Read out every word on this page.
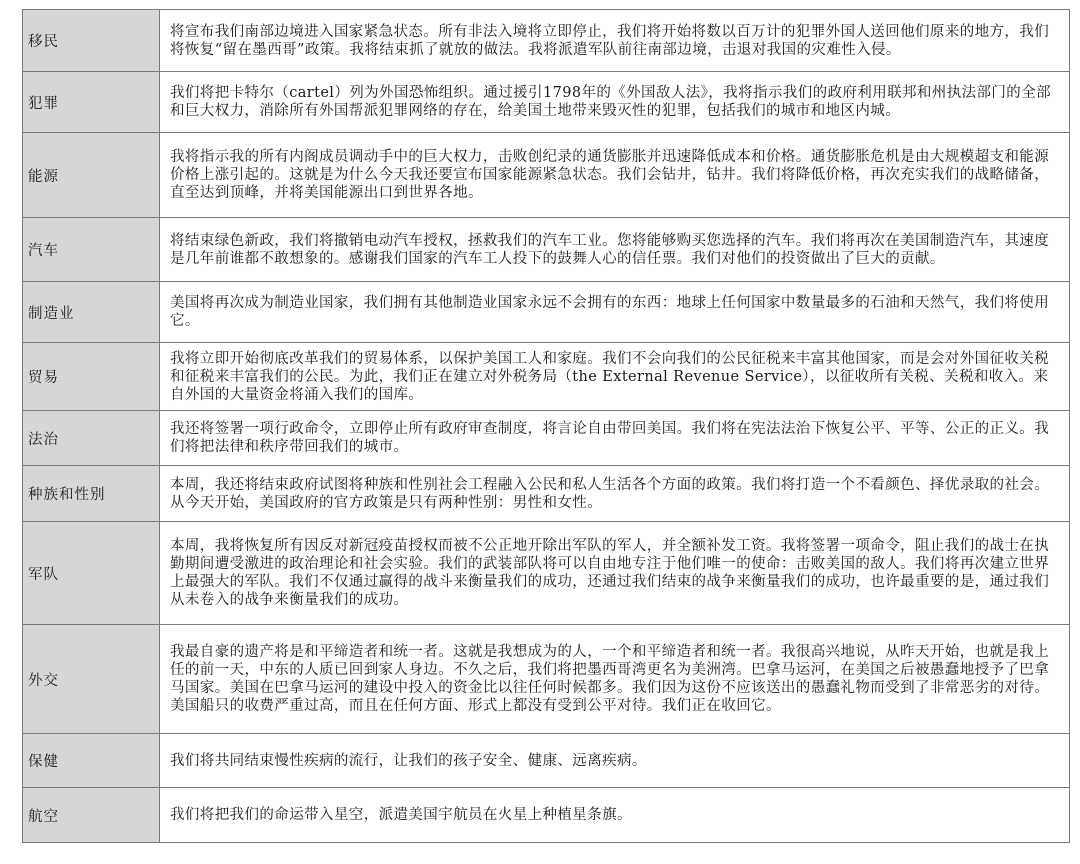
移民	将宣布我们南部边境进入国家紧急状态。所有非法入境将立即停止，我们将开始将数以百万计的犯罪外国人送回他们原来的地方，我们将恢复“留在墨西哥”政策。我将结束抓了就放的做法。我将派遣军队前往南部边境，击退对我国的灾难性入侵。
犯罪	我们将把卡特尔（cartel）列为外国恐怖组织。通过援引1798年的《外国敌人法》，我将指示我们的政府利用联邦和州执法部门的全部和巨大权力，消除所有外国帮派犯罪网络的存在，给美国土地带来毁灭性的犯罪，包括我们的城市和地区内城。
能源	我将指示我的所有内阁成员调动手中的巨大权力，击败创纪录的通货膨胀并迅速降低成本和价格。通货膨胀危机是由大规模超支和能源价格上涨引起的。这就是为什么今天我还要宣布国家能源紧急状态。我们会钻井，钻井。我们将降低价格，再次充实我们的战略储备，直至达到顶峰，并将美国能源出口到世界各地。
汽车	将结束绿色新政，我们将撤销电动汽车授权，拯救我们的汽车工业。您将能够购买您选择的汽车。我们将再次在美国制造汽车，其速度是几年前谁都不敢想象的。感谢我们国家的汽车工人投下的鼓舞人心的信任票。我们对他们的投资做出了巨大的贡献。
制造业	美国将再次成为制造业国家，我们拥有其他制造业国家永远不会拥有的东西：地球上任何国家中数量最多的石油和天然气，我们将使用它。
贸易	我将立即开始彻底改革我们的贸易体系，以保护美国工人和家庭。我们不会向我们的公民征税来丰富其他国家，而是会对外国征收关税和征税来丰富我们的公民。为此，我们正在建立对外税务局（the External Revenue Service），以征收所有关税、关税和收入。来自外国的大量资金将涌入我们的国库。
法治	我还将签署一项行政命令，立即停止所有政府审查制度，将言论自由带回美国。我们将在宪法法治下恢复公平、平等、公正的正义。我们将把法律和秩序带回我们的城市。
种族和性别	本周，我还将结束政府试图将种族和性别社会工程融入公民和私人生活各个方面的政策。我们将打造一个不看颜色、择优录取的社会。从今天开始，美国政府的官方政策是只有两种性别：男性和女性。
军队	本周，我将恢复所有因反对新冠疫苗授权而被不公正地开除出军队的军人，并全额补发工资。我将签署一项命令，阻止我们的战士在执勤期间遭受激进的政治理论和社会实验。我们的武装部队将可以自由地专注于他们唯一的使命：击败美国的敌人。我们将再次建立世界上最强大的军队。我们不仅通过赢得的战斗来衡量我们的成功，还通过我们结束的战争来衡量我们的成功，也许最重要的是，通过我们从未卷入的战争来衡量我们的成功。
外交	我最自豪的遗产将是和平缔造者和统一者。这就是我想成为的人，一个和平缔造者和统一者。我很高兴地说，从昨天开始，也就是我上任的前一天，中东的人质已回到家人身边。不久之后，我们将把墨西哥湾更名为美洲湾。巴拿马运河，在美国之后被愚蠢地授予了巴拿马国家。美国在巴拿马运河的建设中投入的资金比以往任何时候都多。我们因为这份不应该送出的愚蠢礼物而受到了非常恶劣的对待。美国船只的收费严重过高，而且在任何方面、形式上都没有受到公平对待。我们正在收回它。
保健	我们将共同结束慢性疾病的流行，让我们的孩子安全、健康、远离疾病。
航空	我们将把我们的命运带入星空，派遣美国宇航员在火星上种植星条旗。
